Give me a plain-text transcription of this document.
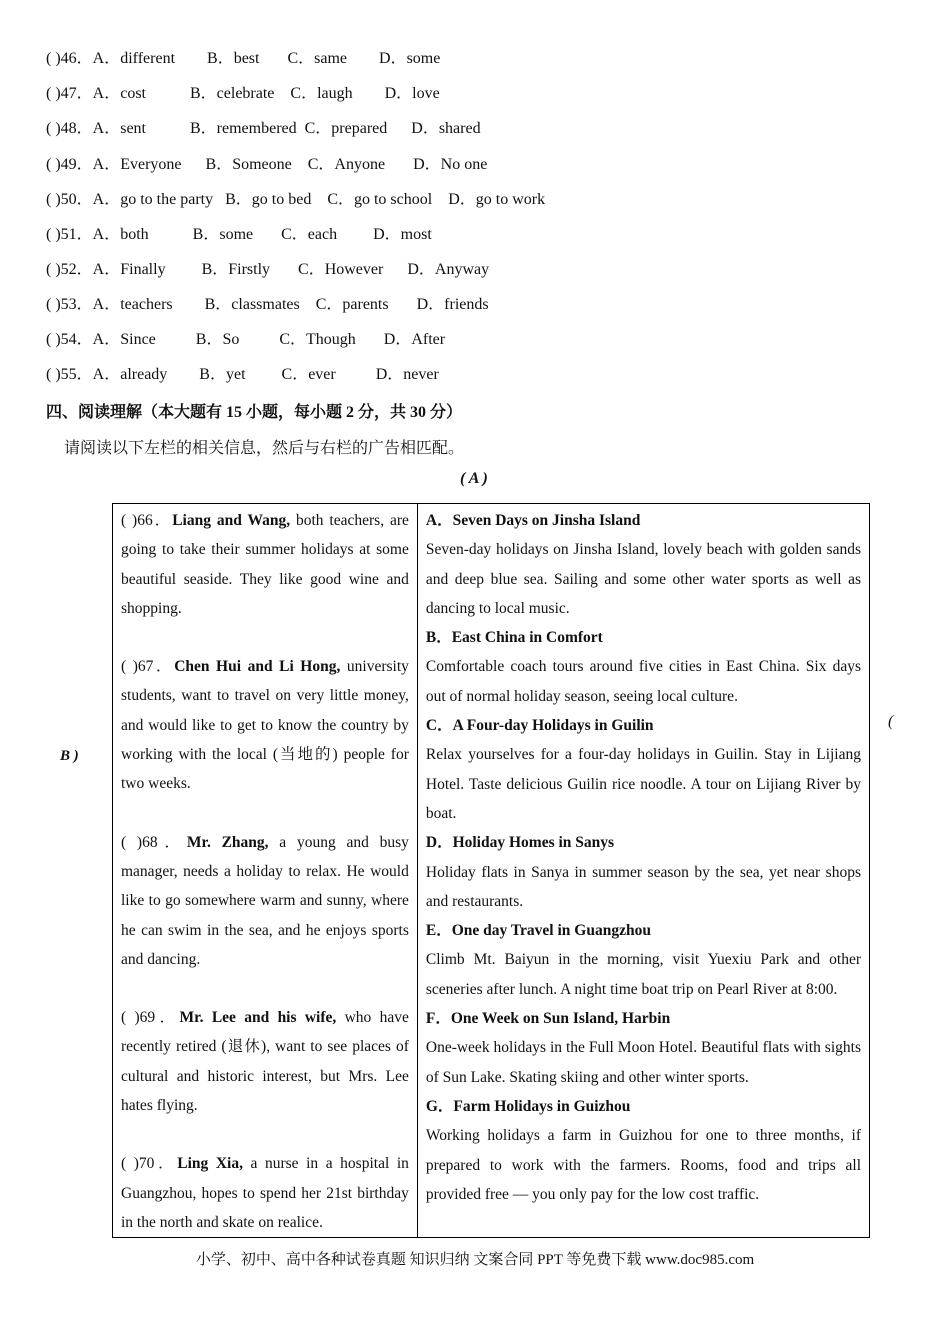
( )46．A．different        B．best       C．same        D．some
( )47．A．cost           B．celebrate    C．laugh        D．love
( )48．A．sent           B．remembered  C．prepared      D．shared
( )49．A．Everyone      B．Someone    C．Anyone       D．No one
( )50．A．go to the party   B．go to bed    C．go to school    D．go to work
( )51．A．both           B．some       C．each         D．most
( )52．A．Finally         B．Firstly       C．However      D．Anyway
( )53．A．teachers        B．classmates    C．parents       D．friends
( )54．A．Since          B．So          C．Though       D．After
( )55．A．already        B．yet         C．ever          D．never
四、阅读理解（本大题有 15 小题，每小题 2 分，共 30 分）
请阅读以下左栏的相关信息，然后与右栏的广告相匹配。
( A )
B )
(
( )66．Liang and Wang, both teachers, are going to take their summer holidays at some beautiful seaside. They like good wine and shopping.
( )67．Chen Hui and Li Hong, university students, want to travel on very little money, and would like to get to know the country by working with the local (当地的) people for two weeks.
( )68．Mr. Zhang, a young and busy manager, needs a holiday to relax. He would like to go somewhere warm and sunny, where he can swim in the sea, and he enjoys sports and dancing.
( )69．Mr. Lee and his wife, who have recently retired (退休), want to see places of cultural and historic interest, but Mrs. Lee hates flying.
( )70．Ling Xia, a nurse in a hospital in Guangzhou, hopes to spend her 21st birthday in the north and skate on realice.

A．Seven Days on Jinsha Island
Seven-day holidays on Jinsha Island, lovely beach with golden sands and deep blue sea. Sailing and some other water sports as well as dancing to local music.
B．East China in Comfort
Comfortable coach tours around five cities in East China. Six days out of normal holiday season, seeing local culture.
C．A Four-day Holidays in Guilin
Relax yourselves for a four-day holidays in Guilin. Stay in Lijiang Hotel. Taste delicious Guilin rice noodle. A tour on Lijiang River by boat.
D．Holiday Homes in Sanys
Holiday flats in Sanya in summer season by the sea, yet near shops and restaurants.
E．One day Travel in Guangzhou
Climb Mt. Baiyun in the morning, visit Yuexiu Park and other sceneries after lunch. A night time boat trip on Pearl River at 8:00.
F．One Week on Sun Island, Harbin
One-week holidays in the Full Moon Hotel. Beautiful flats with sights of Sun Lake. Skating skiing and other winter sports.
G．Farm Holidays in Guizhou
Working holidays a farm in Guizhou for one to three months, if prepared to work with the farmers. Rooms, food and trips all provided free — you only pay for the low cost traffic.
小学、初中、高中各种试卷真题 知识归纳 文案合同 PPT 等免费下载 www.doc985.com
